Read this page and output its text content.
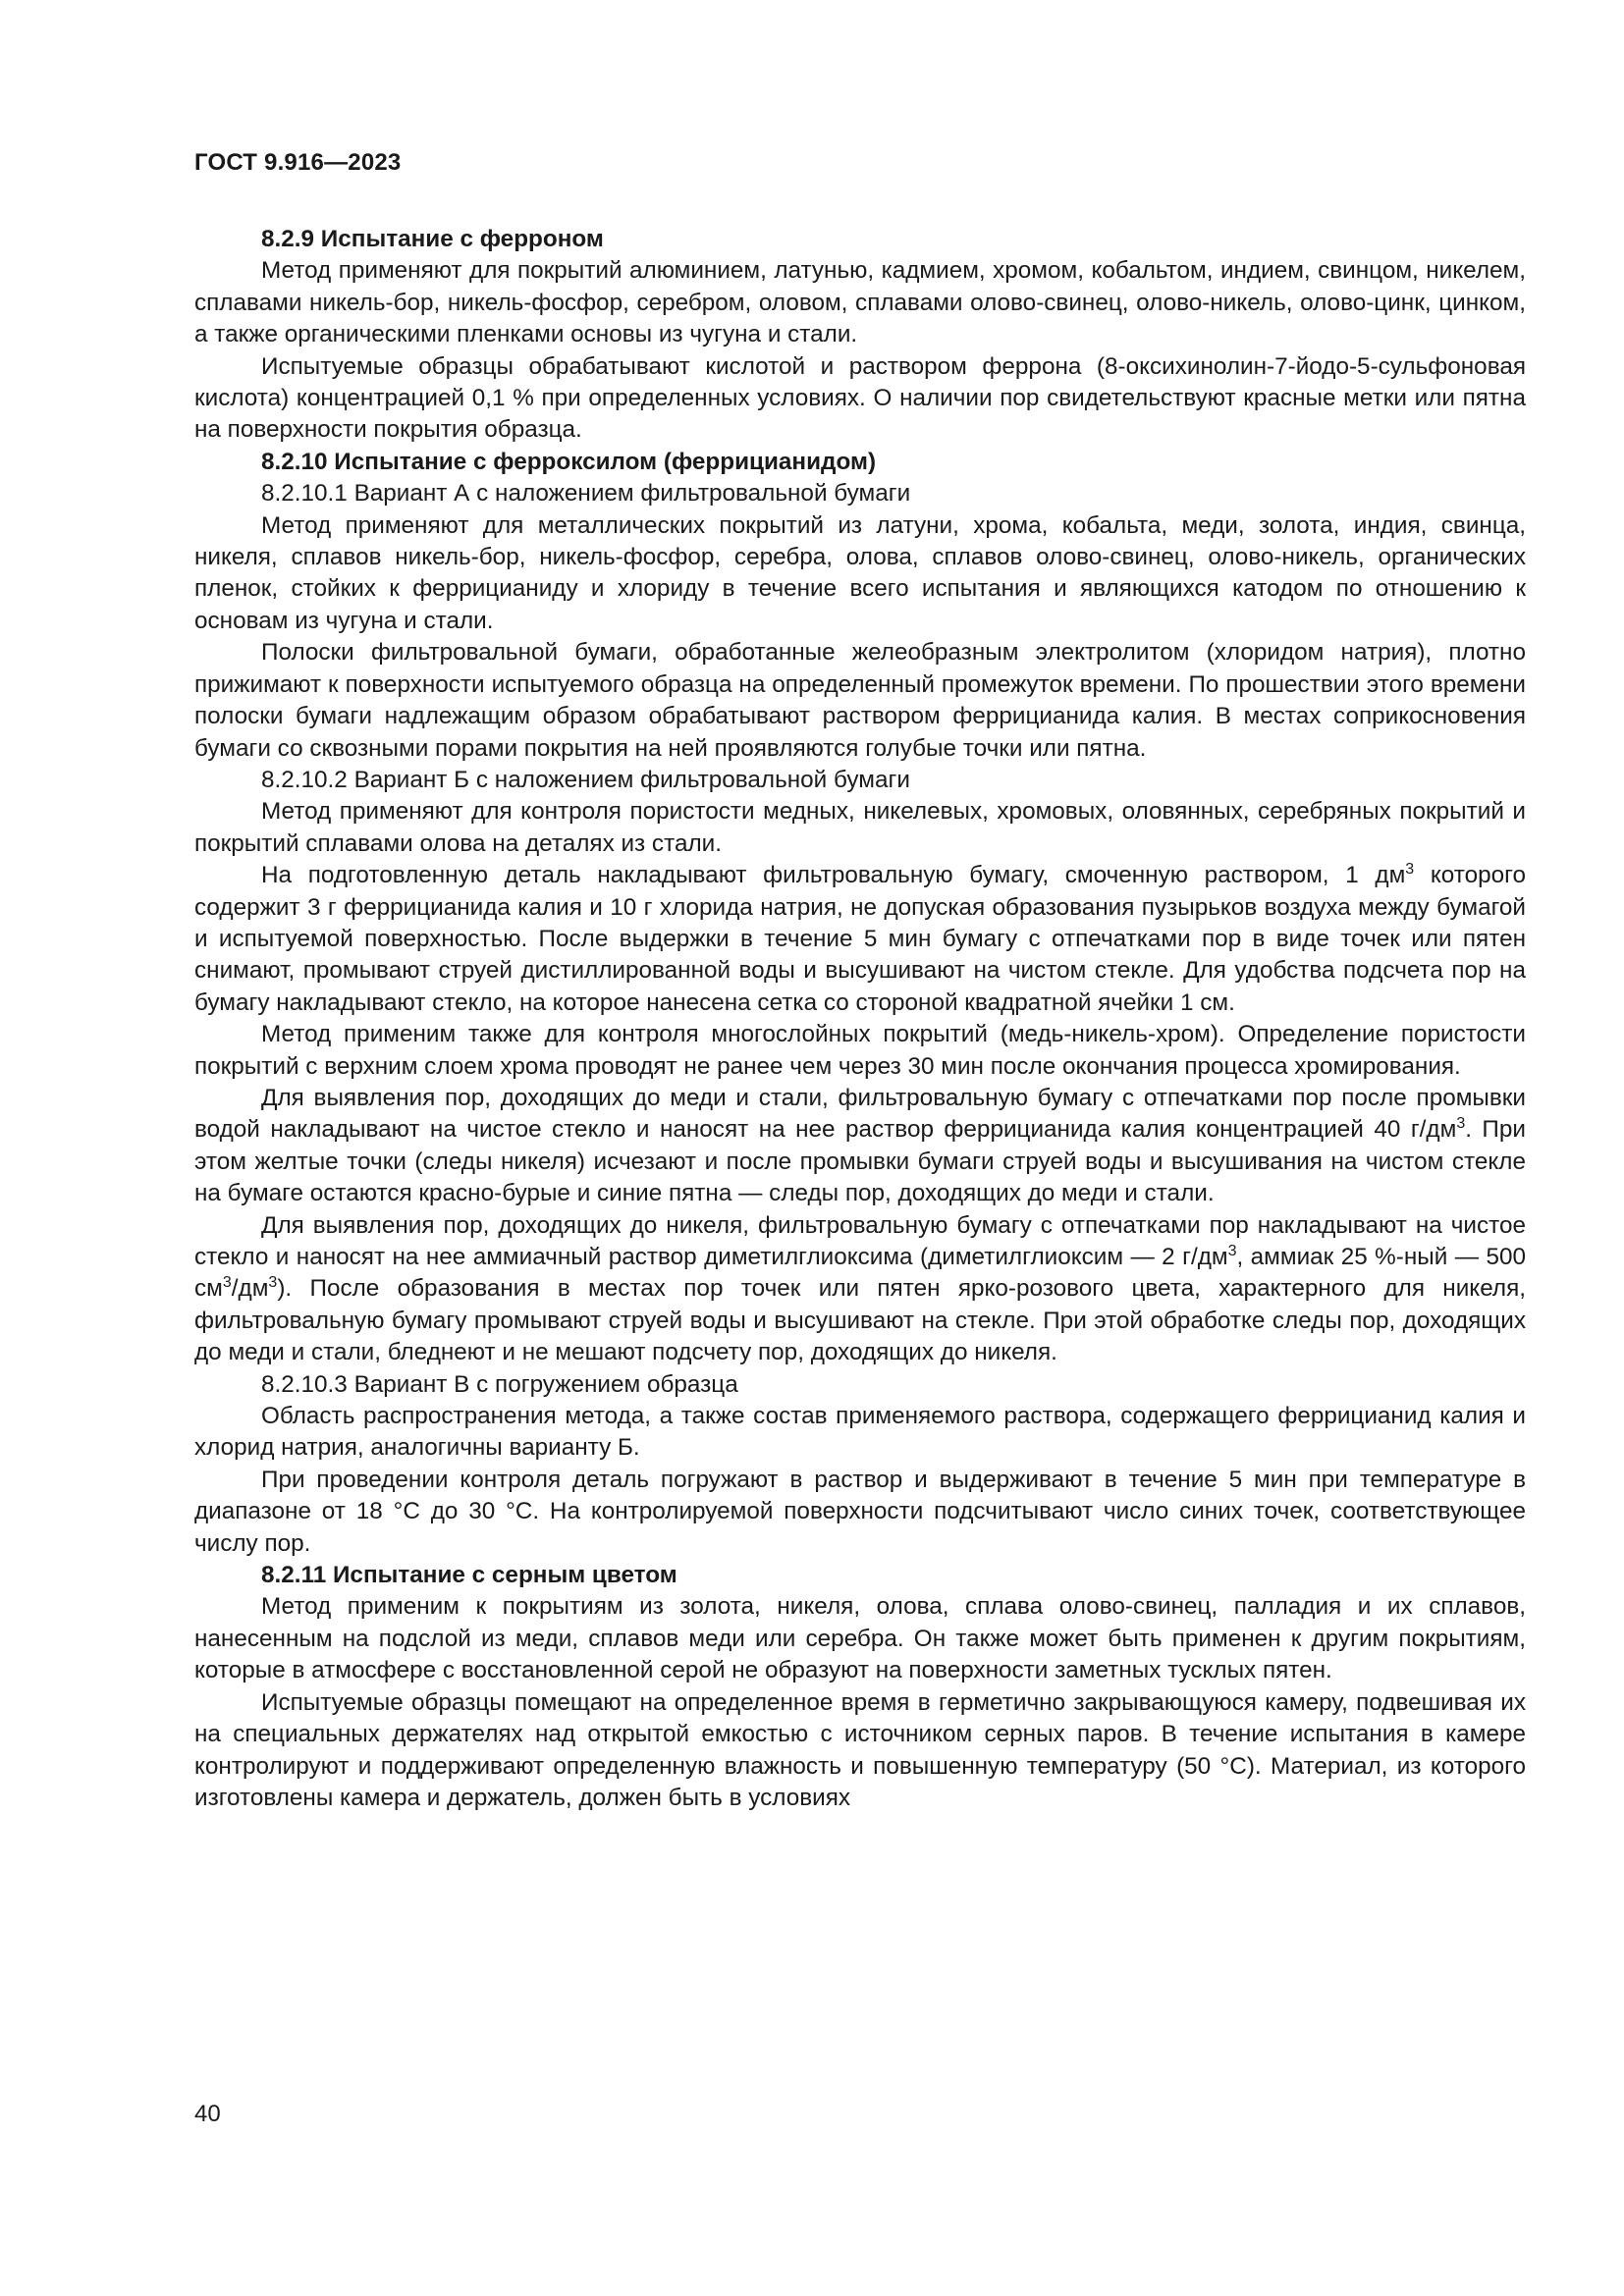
ГОСТ 9.916—2023

8.2.9 Испытание с ферроном

Метод применяют для покрытий алюминием, латунью, кадмием, хромом, кобальтом, индием, свинцом, никелем, сплавами никель-бор, никель-фосфор, серебром, оловом, сплавами олово-свинец, олово-никель, олово-цинк, цинком, а также органическими пленками основы из чугуна и стали.

Испытуемые образцы обрабатывают кислотой и раствором феррона (8-оксихинолин-7-йодо-5-сульфоновая кислота) концентрацией 0,1 % при определенных условиях. О наличии пор свидетельствуют красные метки или пятна на поверхности покрытия образца.

8.2.10 Испытание с ферроксилом (феррицианидом)

8.2.10.1 Вариант А с наложением фильтровальной бумаги

Метод применяют для металлических покрытий из латуни, хрома, кобальта, меди, золота, индия, свинца, никеля, сплавов никель-бор, никель-фосфор, серебра, олова, сплавов олово-свинец, олово-никель, органических пленок, стойких к феррицианиду и хлориду в течение всего испытания и являющихся катодом по отношению к основам из чугуна и стали.

Полоски фильтровальной бумаги, обработанные желеобразным электролитом (хлоридом натрия), плотно прижимают к поверхности испытуемого образца на определенный промежуток времени. По прошествии этого времени полоски бумаги надлежащим образом обрабатывают раствором феррицианида калия. В местах соприкосновения бумаги со сквозными порами покрытия на ней проявляются голубые точки или пятна.

8.2.10.2 Вариант Б с наложением фильтровальной бумаги

Метод применяют для контроля пористости медных, никелевых, хромовых, оловянных, серебряных покрытий и покрытий сплавами олова на деталях из стали.

На подготовленную деталь накладывают фильтровальную бумагу, смоченную раствором, 1 $дм^3$ которого содержит 3 г феррицианида калия и 10 г хлорида натрия, не допуская образования пузырьков воздуха между бумагой и испытуемой поверхностью. После выдержки в течение 5 мин бумагу с отпечатками пор в виде точек или пятен снимают, промывают струей дистиллированной воды и высушивают на чистом стекле. Для удобства подсчета пор на бумагу накладывают стекло, на которое нанесена сетка со стороной квадратной ячейки 1 см.

Метод применим также для контроля многослойных покрытий (медь-никель-хром). Определение пористости покрытий с верхним слоем хрома проводят не ранее чем через 30 мин после окончания процесса хромирования.

Для выявления пор, доходящих до меди и стали, фильтровальную бумагу с отпечатками пор после промывки водой накладывают на чистое стекло и наносят на нее раствор феррицианида калия концентрацией 40 $г/дм^3$. При этом желтые точки (следы никеля) исчезают и после промывки бумаги струей воды и высушивания на чистом стекле на бумаге остаются красно-бурые и синие пятна — следы пор, доходящих до меди и стали.

Для выявления пор, доходящих до никеля, фильтровальную бумагу с отпечатками пор накладывают на чистое стекло и наносят на нее аммиачный раствор диметилглиоксима (диметилглиоксим — 2 $г/дм^3$, аммиак 25 %-ный — 500 $см^3/дм^3$). После образования в местах пор точек или пятен ярко-розового цвета, характерного для никеля, фильтровальную бумагу промывают струей воды и высушивают на стекле. При этой обработке следы пор, доходящих до меди и стали, бледнеют и не мешают подсчету пор, доходящих до никеля.

8.2.10.3 Вариант В с погружением образца

Область распространения метода, а также состав применяемого раствора, содержащего феррицианид калия и хлорид натрия, аналогичны варианту Б.

При проведении контроля деталь погружают в раствор и выдерживают в течение 5 мин при температуре в диапазоне от 18 °С до 30 °С. На контролируемой поверхности подсчитывают число синих точек, соответствующее числу пор.

8.2.11 Испытание с серным цветом

Метод применим к покрытиям из золота, никеля, олова, сплава олово-свинец, палладия и их сплавов, нанесенным на подслой из меди, сплавов меди или серебра. Он также может быть применен к другим покрытиям, которые в атмосфере с восстановленной серой не образуют на поверхности заметных тусклых пятен.

Испытуемые образцы помещают на определенное время в герметично закрывающуюся камеру, подвешивая их на специальных держателях над открытой емкостью с источником серных паров. В течение испытания в камере контролируют и поддерживают определенную влажность и повышенную температуру (50 °С). Материал, из которого изготовлены камера и держатель, должен быть в условиях

40
